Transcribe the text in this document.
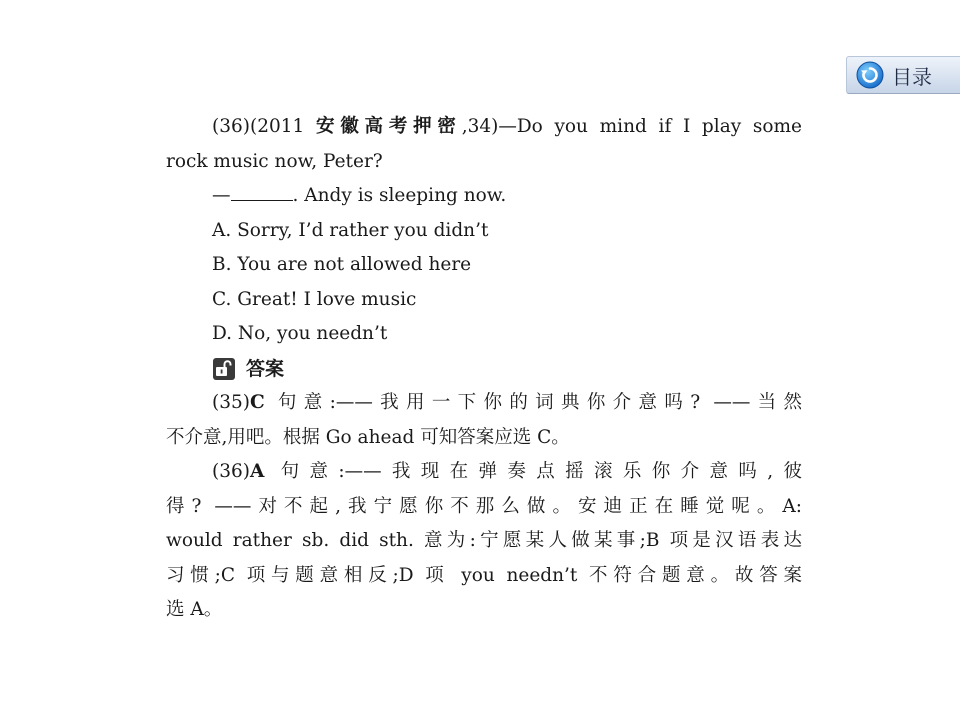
目录
(36)(2011 安徽高考押密,34)—Do you mind if I play some
rock music now, Peter?
—	. Andy is sleeping now.
A. Sorry, I’d rather you didn’t
B. You are not allowed here
C. Great! I love music
D. No, you needn’t
答案
(35)C 句意:——我用一下你的词典你介意吗? ——当然
不介意,用吧。根据 Go ahead 可知答案应选 C。
(36)A 句意:——我现在弹奏点摇滚乐你介意吗,彼
得? ——对不起,我宁愿你不那么做。安迪正在睡觉呢。A:
would rather sb. did sth. 意为:宁愿某人做某事;B 项是汉语表达
习惯;C 项与题意相反;D 项 you needn’t 不符合题意。故答案
选 A。
